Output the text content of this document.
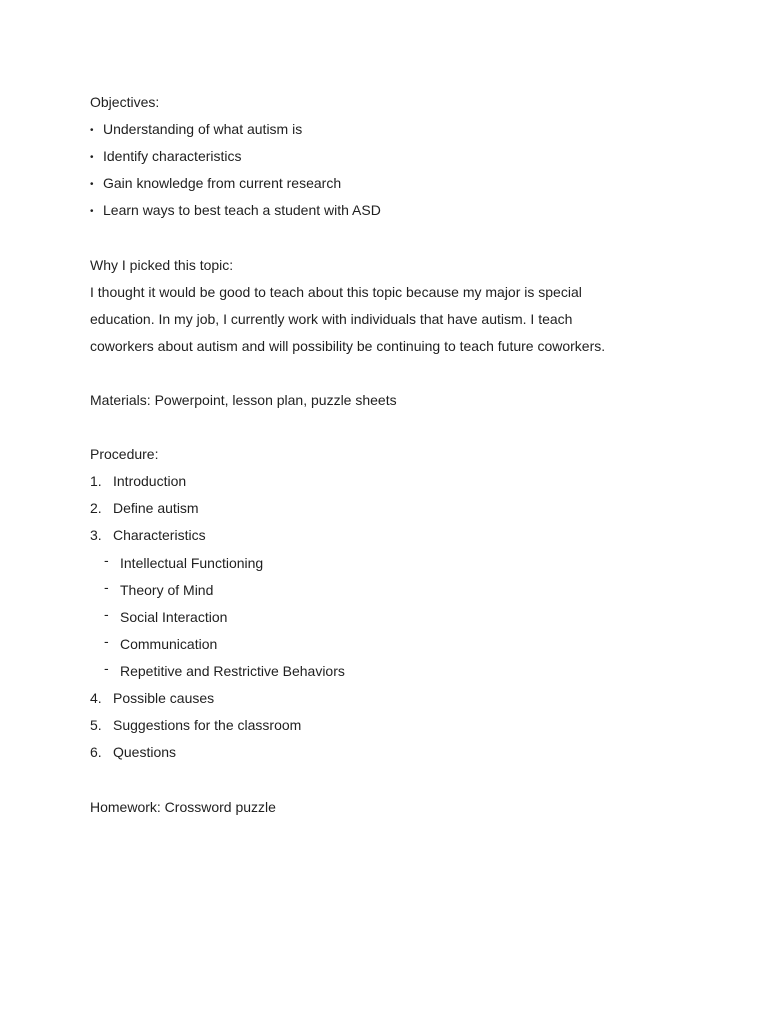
Objectives:
• Understanding of what autism is
• Identify characteristics
• Gain knowledge from current research
• Learn ways to best teach a student with ASD
Why I picked this topic:
I thought it would be good to teach about this topic because my major is special
education. In my job, I currently work with individuals that have autism. I teach
coworkers about autism and will possibility be continuing to teach future coworkers.
Materials: Powerpoint, lesson plan, puzzle sheets
Procedure:
1. Introduction
2. Define autism
3. Characteristics
- Intellectual Functioning
- Theory of Mind
- Social Interaction
- Communication
- Repetitive and Restrictive Behaviors
4. Possible causes
5. Suggestions for the classroom
6. Questions
Homework: Crossword puzzle
